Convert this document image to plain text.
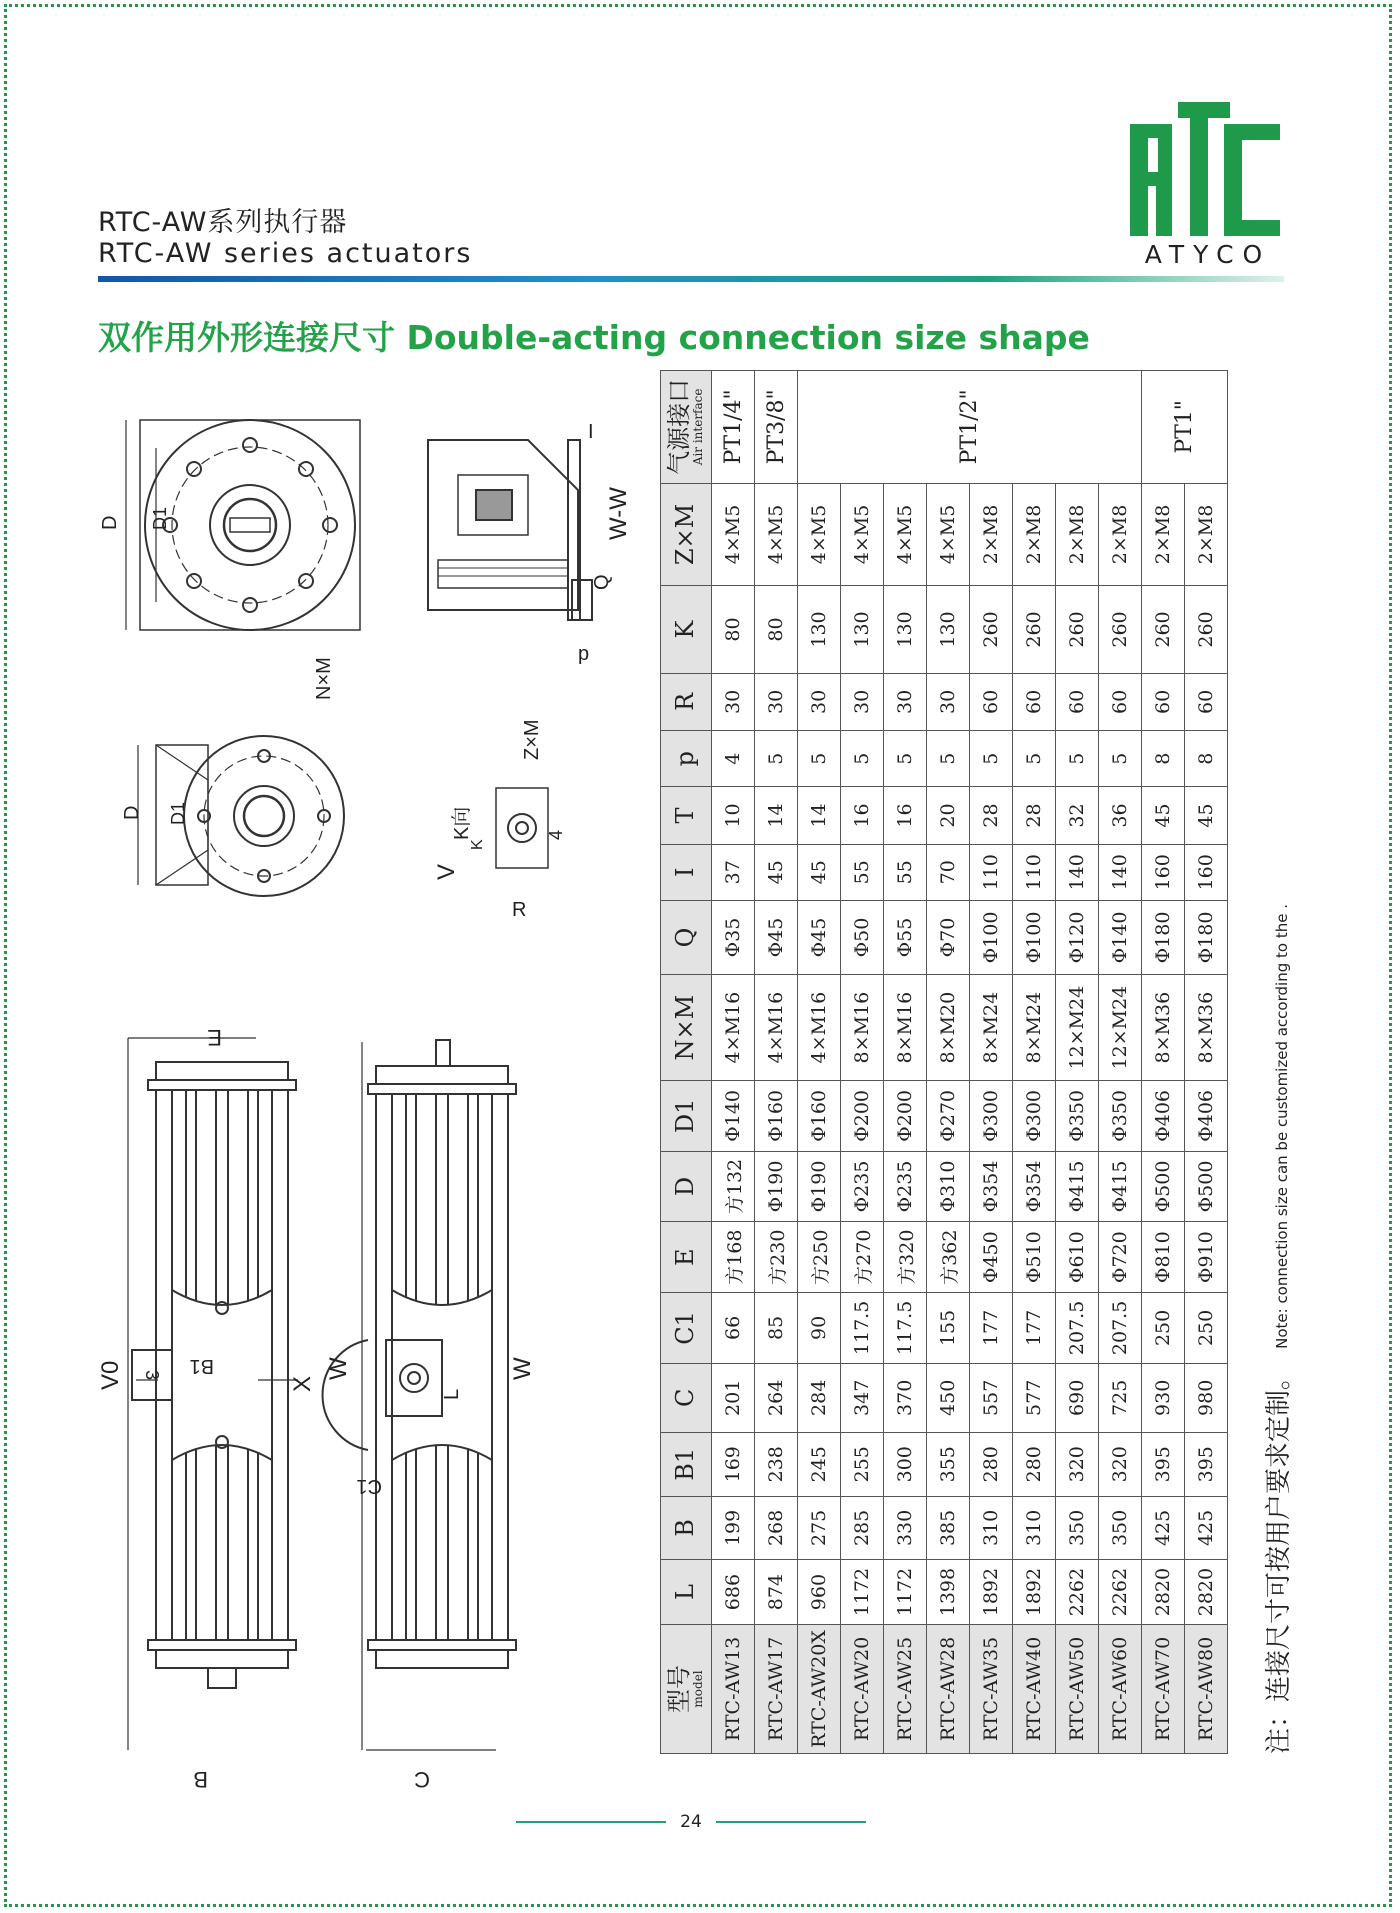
RTC-AW系列执行器
RTC-AW series actuators	ATYCO
双作用外形连接尺寸 Double-acting connection size shape
D D1	W-W
I
Q
p
N×M
D D1
Z×M
K向
V
K
R
4
E
B1
X
B
V0 3	W	W
L
C1
C
型号
model	L	B	B1	C	C1	E	D	D1	N×M	Q	I	T	p	R	K	Z×M	气源接口
Air interface

RTC-AW13	686	199	169	201	66	方168	方132	Φ140	4×M16	Φ35	37	10	4	30	80	4×M5	PT1/4"
RTC-AW17	874	268	238	264	85	方230	Φ190	Φ160	4×M16	Φ45	45	14	5	30	80	4×M5	PT3/8"
RTC-AW20X	960	275	245	284	90	方250	Φ190	Φ160	4×M16	Φ45	45	14	5	30	130	4×M5	PT1/2"
RTC-AW20	1172	285	255	347	117.5	方270	Φ235	Φ200	8×M16	Φ50	55	16	5	30	130	4×M5	
RTC-AW25	1172	330	300	370	117.5	方320	Φ235	Φ200	8×M16	Φ55	55	16	5	30	130	4×M5	
RTC-AW28	1398	385	355	450	155	方362	Φ310	Φ270	8×M20	Φ70	70	20	5	30	130	4×M5	
RTC-AW35	1892	310	280	557	177	Φ450	Φ354	Φ300	8×M24	Φ100	110	28	5	60	260	2×M8	
RTC-AW40	1892	310	280	577	177	Φ510	Φ354	Φ300	8×M24	Φ100	110	28	5	60	260	2×M8	
RTC-AW50	2262	350	320	690	207.5	Φ610	Φ415	Φ350	12×M24	Φ120	140	32	5	60	260	2×M8	
RTC-AW60	2262	350	320	725	207.5	Φ720	Φ415	Φ350	12×M24	Φ140	140	36	5	60	260	2×M8	
RTC-AW70	2820	425	395	930	250	Φ810	Φ500	Φ406	8×M36	Φ180	160	45	8	60	260	2×M8	PT1"
RTC-AW80	2820	425	395	980	250	Φ910	Φ500	Φ406	8×M36	Φ180	160	45	8	60	260	2×M8	
注：连接尺寸可按用户要求定制。 Note: connection size can be customized according to the .
24
